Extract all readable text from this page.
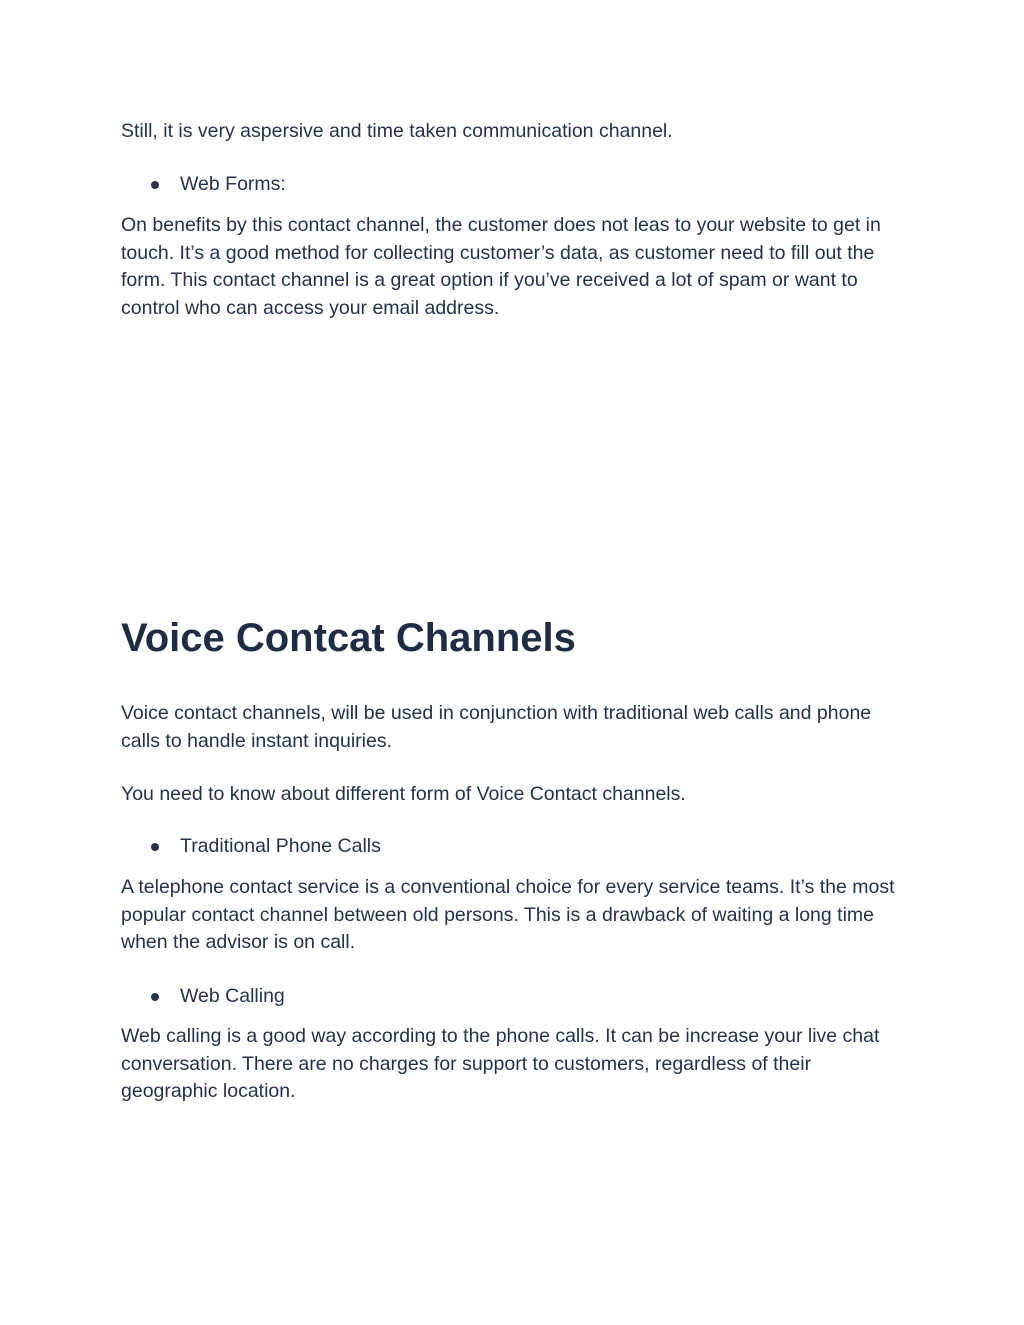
Still, it is very aspersive and time taken communication channel.

Web Forms:

On benefits by this contact channel, the customer does not leas to your website to get in touch. It’s a good method for collecting customer’s data, as customer need to fill out the form. This contact channel is a great option if you’ve received a lot of spam or want to control who can access your email address.

Voice Contcat Channels

Voice contact channels, will be used in conjunction with traditional web calls and phone calls to handle instant inquiries.

You need to know about different form of Voice Contact channels.

Traditional Phone Calls

A telephone contact service is a conventional choice for every service teams. It’s the most popular contact channel between old persons. This is a drawback of waiting a long time when the advisor is on call.

Web Calling

Web calling is a good way according to the phone calls. It can be increase your live chat conversation. There are no charges for support to customers, regardless of their geographic location.
